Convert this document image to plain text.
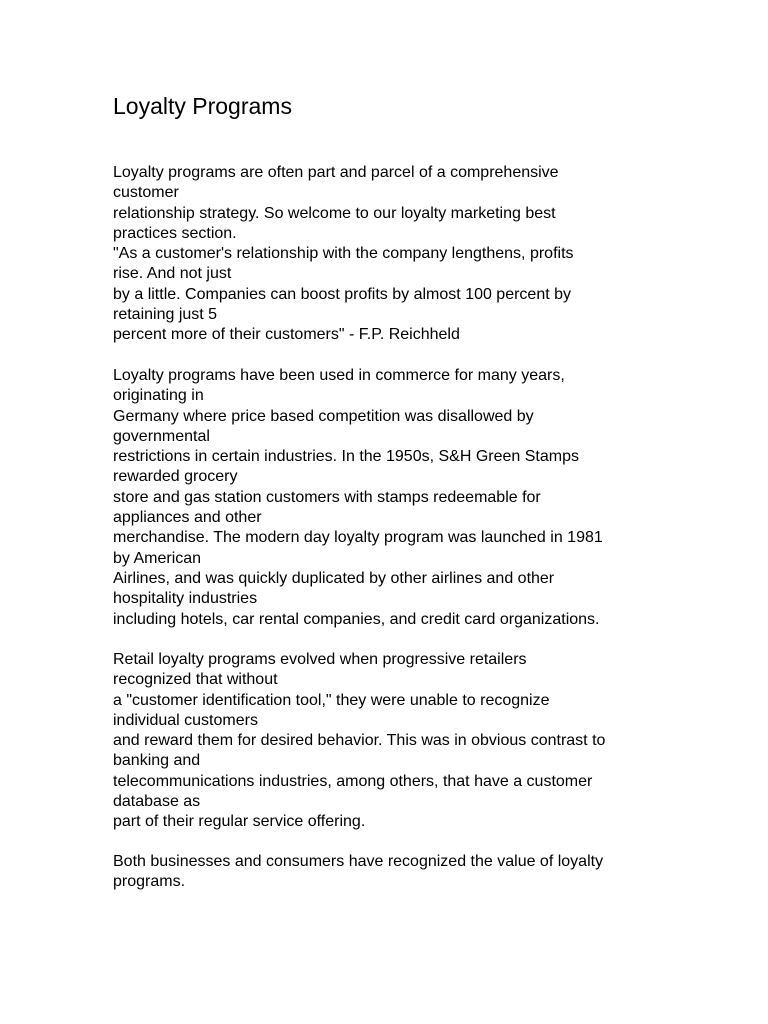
Loyalty Programs
Loyalty programs are often part and parcel of a comprehensive
customer
relationship strategy. So welcome to our loyalty marketing best
practices section.
"As a customer's relationship with the company lengthens, profits
rise. And not just
by a little. Companies can boost profits by almost 100 percent by
retaining just 5
percent more of their customers" - F.P. Reichheld
Loyalty programs have been used in commerce for many years,
originating in
Germany where price based competition was disallowed by
governmental
restrictions in certain industries. In the 1950s, S&H Green Stamps
rewarded grocery
store and gas station customers with stamps redeemable for
appliances and other
merchandise. The modern day loyalty program was launched in 1981
by American
Airlines, and was quickly duplicated by other airlines and other
hospitality industries
including hotels, car rental companies, and credit card organizations.
Retail loyalty programs evolved when progressive retailers
recognized that without
a "customer identification tool," they were unable to recognize
individual customers
and reward them for desired behavior. This was in obvious contrast to
banking and
telecommunications industries, among others, that have a customer
database as
part of their regular service offering.
Both businesses and consumers have recognized the value of loyalty
programs.
